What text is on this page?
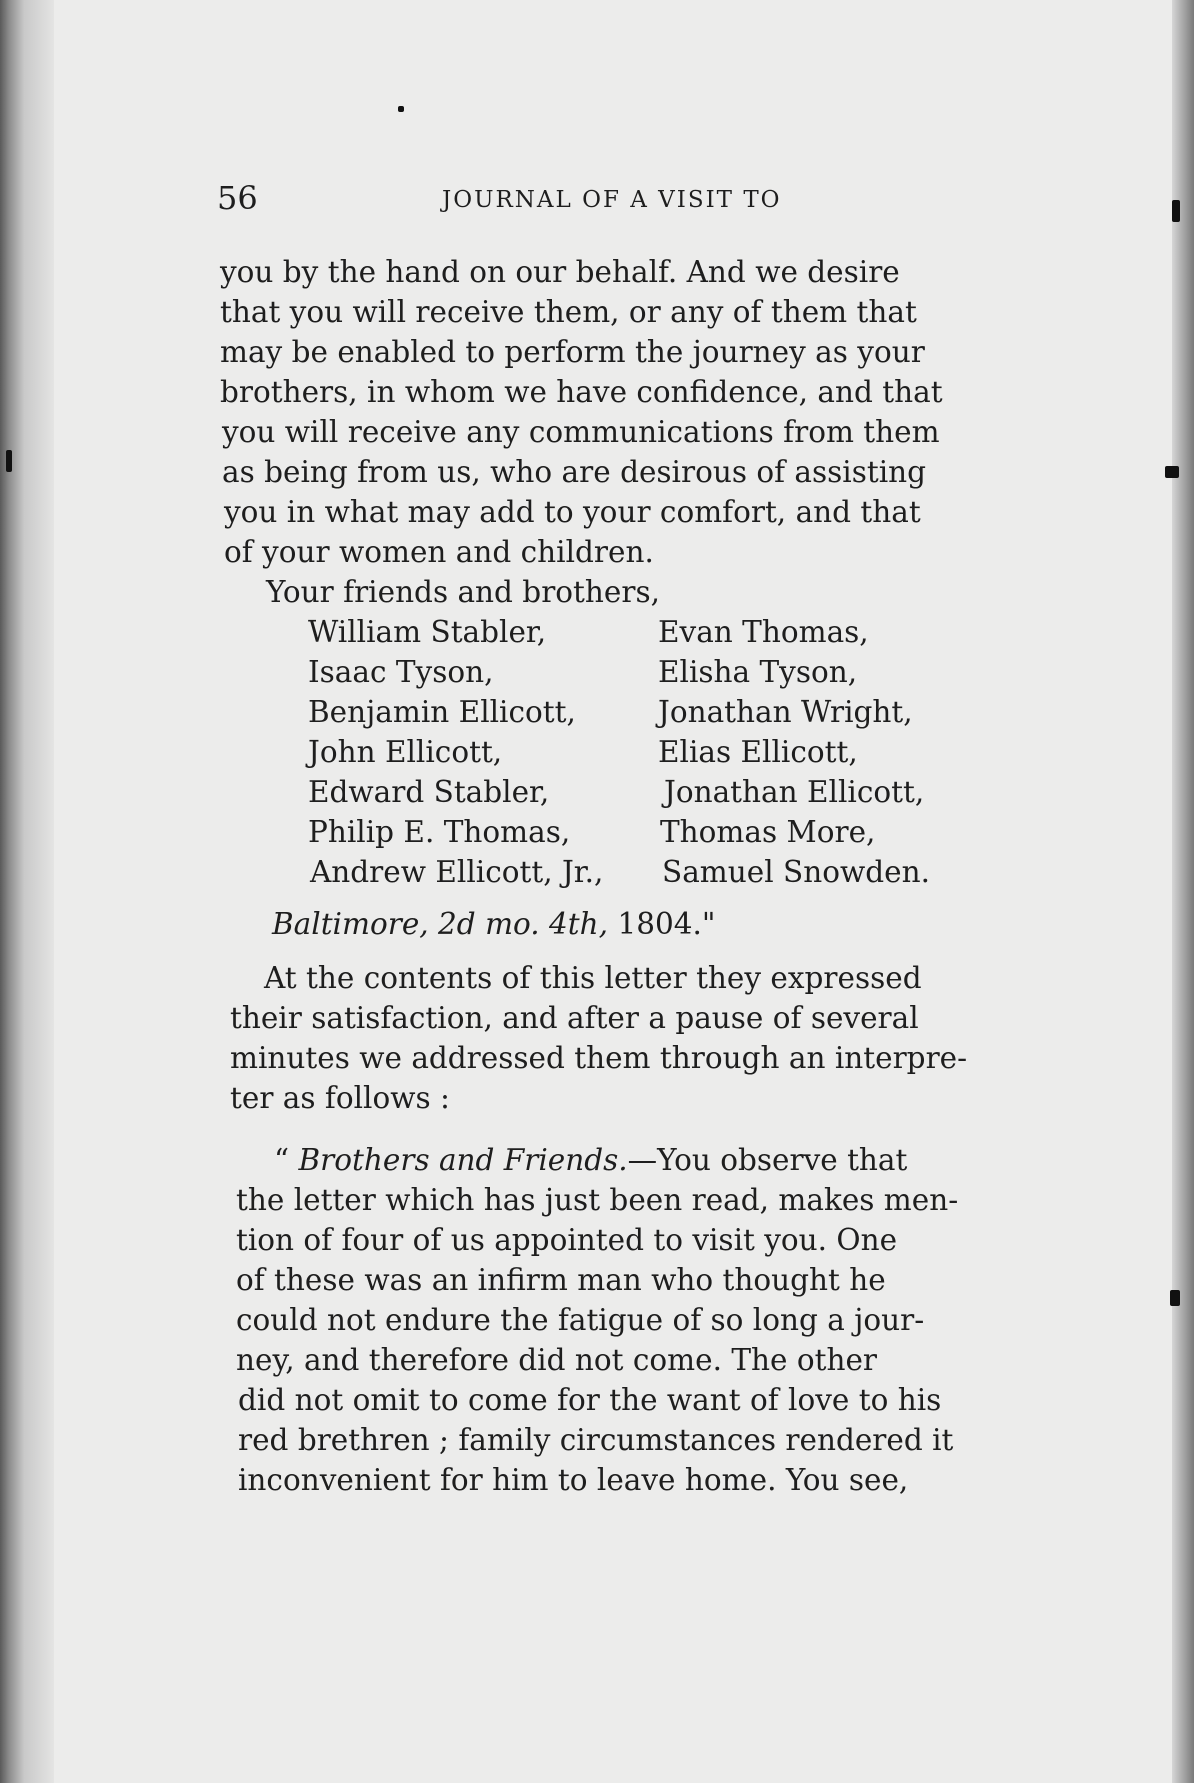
56	JOURNAL OF A VISIT TO
you by the hand on our behalf. And we desire
that you will receive them, or any of them that
may be enabled to perform the journey as your
brothers, in whom we have confidence, and that
you will receive any communications from them
as being from us, who are desirous of assisting
you in what may add to your comfort, and that
of your women and children.
Your friends and brothers,
William Stabler,
Isaac Tyson,
Benjamin Ellicott,
John Ellicott,
Edward Stabler,
Philip E. Thomas,
Andrew Ellicott, Jr.,
Evan Thomas,
Elisha Tyson,
Jonathan Wright,
Elias Ellicott,
Jonathan Ellicott,
Thomas More,
Samuel Snowden.
Baltimore, 2d mo. 4th, 1804."
At the contents of this letter they expressed
their satisfaction, and after a pause of several
minutes we addressed them through an interpre-
ter as follows :
“ Brothers and Friends.—You observe that
the letter which has just been read, makes men-
tion of four of us appointed to visit you. One
of these was an infirm man who thought he
could not endure the fatigue of so long a jour-
ney, and therefore did not come. The other
did not omit to come for the want of love to his
red brethren ; family circumstances rendered it
inconvenient for him to leave home. You see,
